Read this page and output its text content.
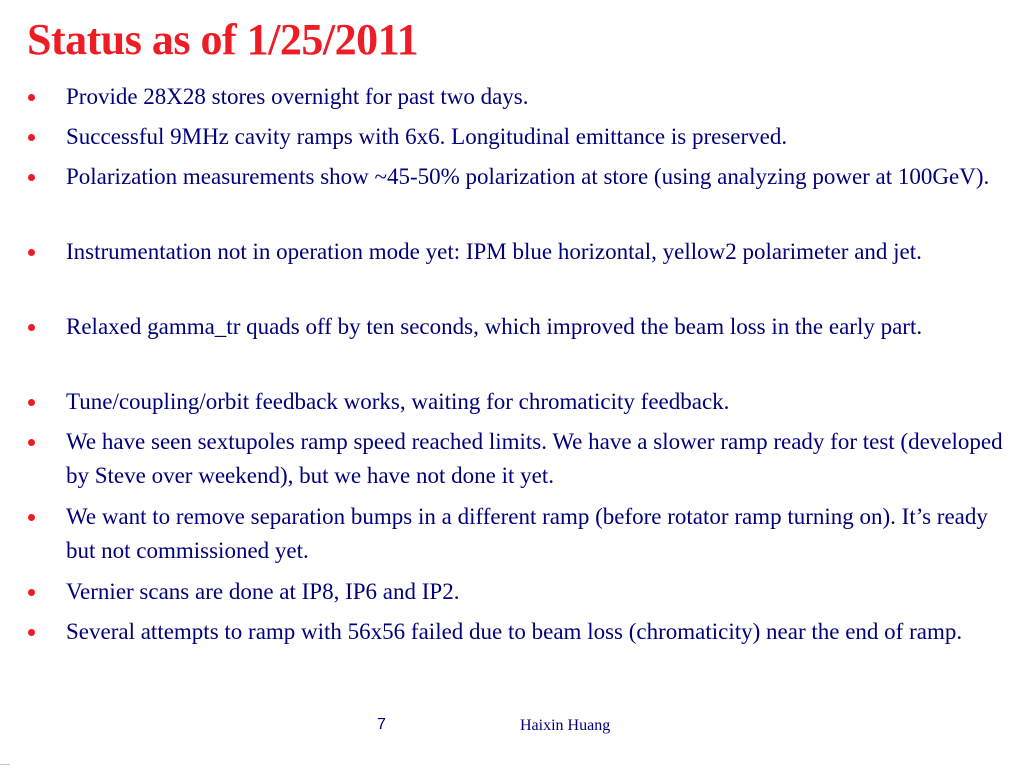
Status as of 1/25/2011
Provide 28X28 stores overnight for past two days.
Successful 9MHz cavity ramps with 6x6. Longitudinal emittance is preserved.
Polarization measurements show ~45-50% polarization at store (using analyzing power at 100GeV).
Instrumentation not in operation mode yet: IPM blue horizontal, yellow2 polarimeter and jet.
Relaxed gamma_tr quads off by ten seconds, which improved the beam loss in the early part.
Tune/coupling/orbit feedback works, waiting for chromaticity feedback.
We have seen sextupoles ramp speed reached limits. We have a slower ramp ready for test (developed by Steve over weekend), but we have not done it yet.
We want to remove separation bumps in a different ramp (before rotator ramp turning on). It’s ready but not commissioned yet.
Vernier scans are done at IP8, IP6 and IP2.
Several attempts to ramp with 56x56 failed due to beam loss (chromaticity) near the end of ramp.
7	Haixin Huang
